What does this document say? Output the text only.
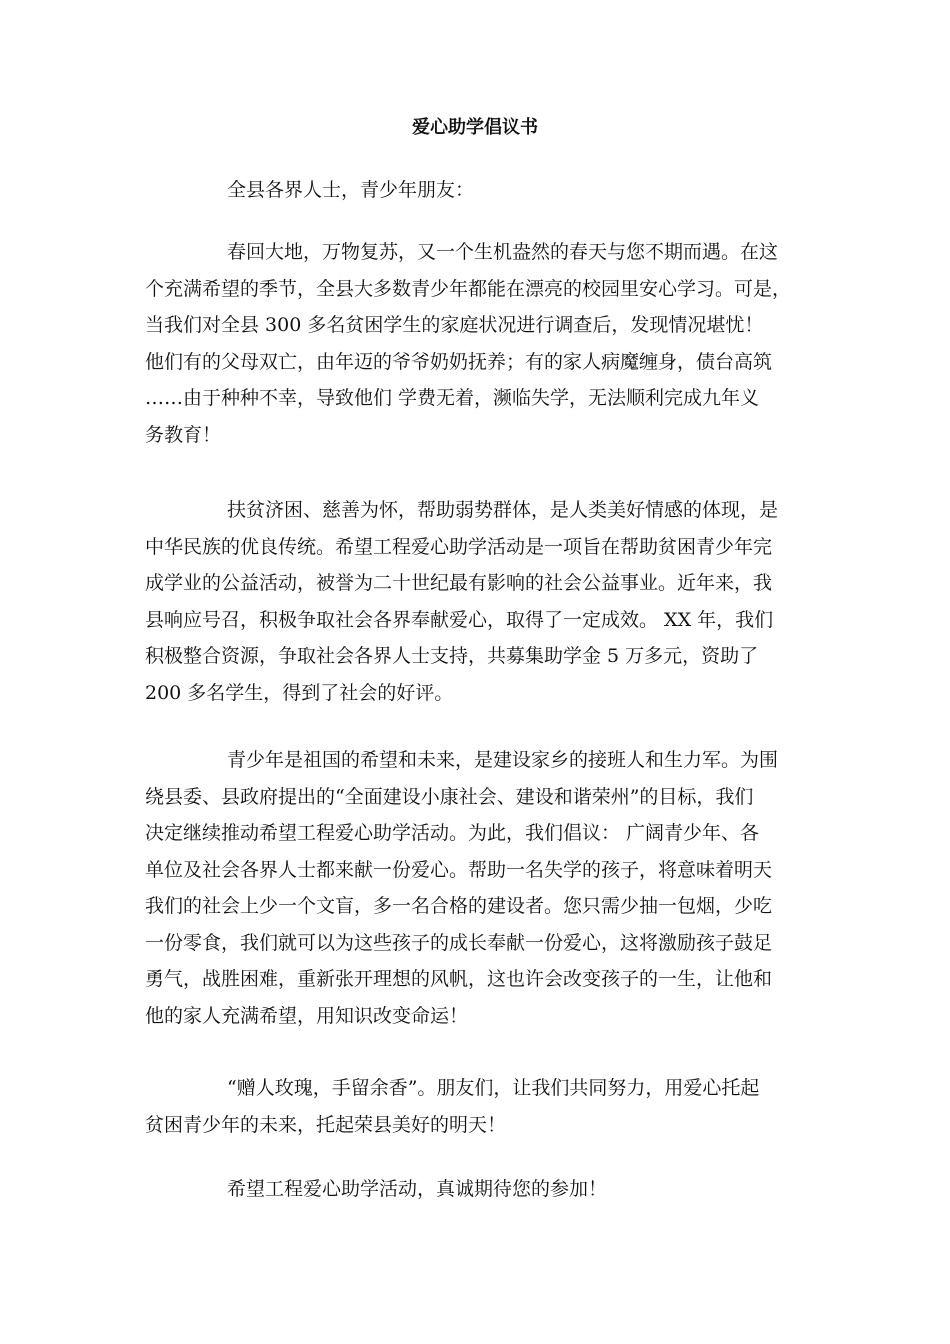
爱心助学倡议书
全县各界人士，青少年朋友：
春回大地，万物复苏，又一个生机盎然的春天与您不期而遇。在这
个充满希望的季节，全县大多数青少年都能在漂亮的校园里安心学习。可是，
当我们对全县 300 多名贫困学生的家庭状况进行调查后，发现情况堪忧！
他们有的父母双亡，由年迈的爷爷奶奶抚养；有的家人病魔缠身，债台高筑
……由于种种不幸，导致他们 学费无着，濒临失学，无法顺利完成九年义
务教育！
扶贫济困、慈善为怀，帮助弱势群体，是人类美好情感的体现，是
中华民族的优良传统。希望工程爱心助学活动是一项旨在帮助贫困青少年完
成学业的公益活动，被誉为二十世纪最有影响的社会公益事业。近年来，我
县响应号召，积极争取社会各界奉献爱心，取得了一定成效。 XX 年，我们
积极整合资源，争取社会各界人士支持，共募集助学金 5 万多元，资助了
200 多名学生，得到了社会的好评。
青少年是祖国的希望和未来，是建设家乡的接班人和生力军。为围
绕县委、县政府提出的“全面建设小康社会、建设和谐荣州”的目标，我们
决定继续推动希望工程爱心助学活动。为此，我们倡议： 广阔青少年、各
单位及社会各界人士都来献一份爱心。帮助一名失学的孩子，将意味着明天
我们的社会上少一个文盲，多一名合格的建设者。您只需少抽一包烟，少吃
一份零食，我们就可以为这些孩子的成长奉献一份爱心，这将激励孩子鼓足
勇气，战胜困难，重新张开理想的风帆，这也许会改变孩子的一生，让他和
他的家人充满希望，用知识改变命运！
“赠人玫瑰，手留余香”。朋友们，让我们共同努力，用爱心托起
贫困青少年的未来，托起荣县美好的明天！
希望工程爱心助学活动，真诚期待您的参加！
